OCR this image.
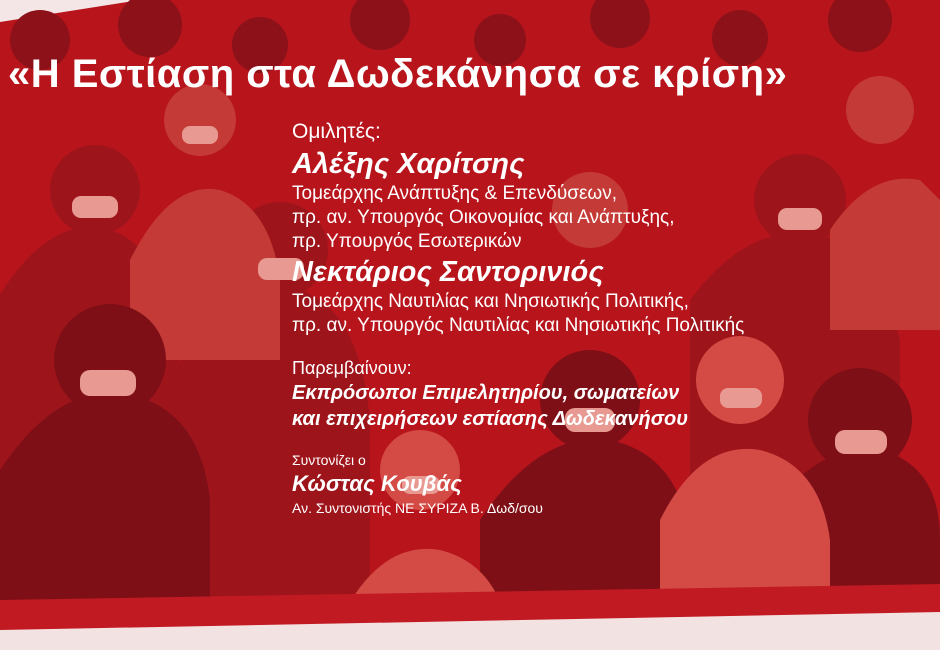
«Η Εστίαση στα Δωδεκάνησα σε κρίση»
Ομιλητές:
Αλέξης Χαρίτσης
Τομεάρχης Ανάπτυξης & Επενδύσεων,
πρ. αν. Υπουργός Οικονομίας και Ανάπτυξης,
πρ. Υπουργός Εσωτερικών
Νεκτάριος Σαντορινιός
Τομεάρχης Ναυτιλίας και Νησιωτικής Πολιτικής,
πρ. αν. Υπουργός Ναυτιλίας και Νησιωτικής Πολιτικής
Παρεμβαίνουν:
Εκπρόσωποι Επιμελητηρίου, σωματείων
και επιχειρήσεων εστίασης Δωδεκανήσου
Συντονίζει ο
Κώστας Κουβάς
Αν. Συντονιστής ΝΕ ΣΥΡΙΖΑ Β. Δωδ/σου
